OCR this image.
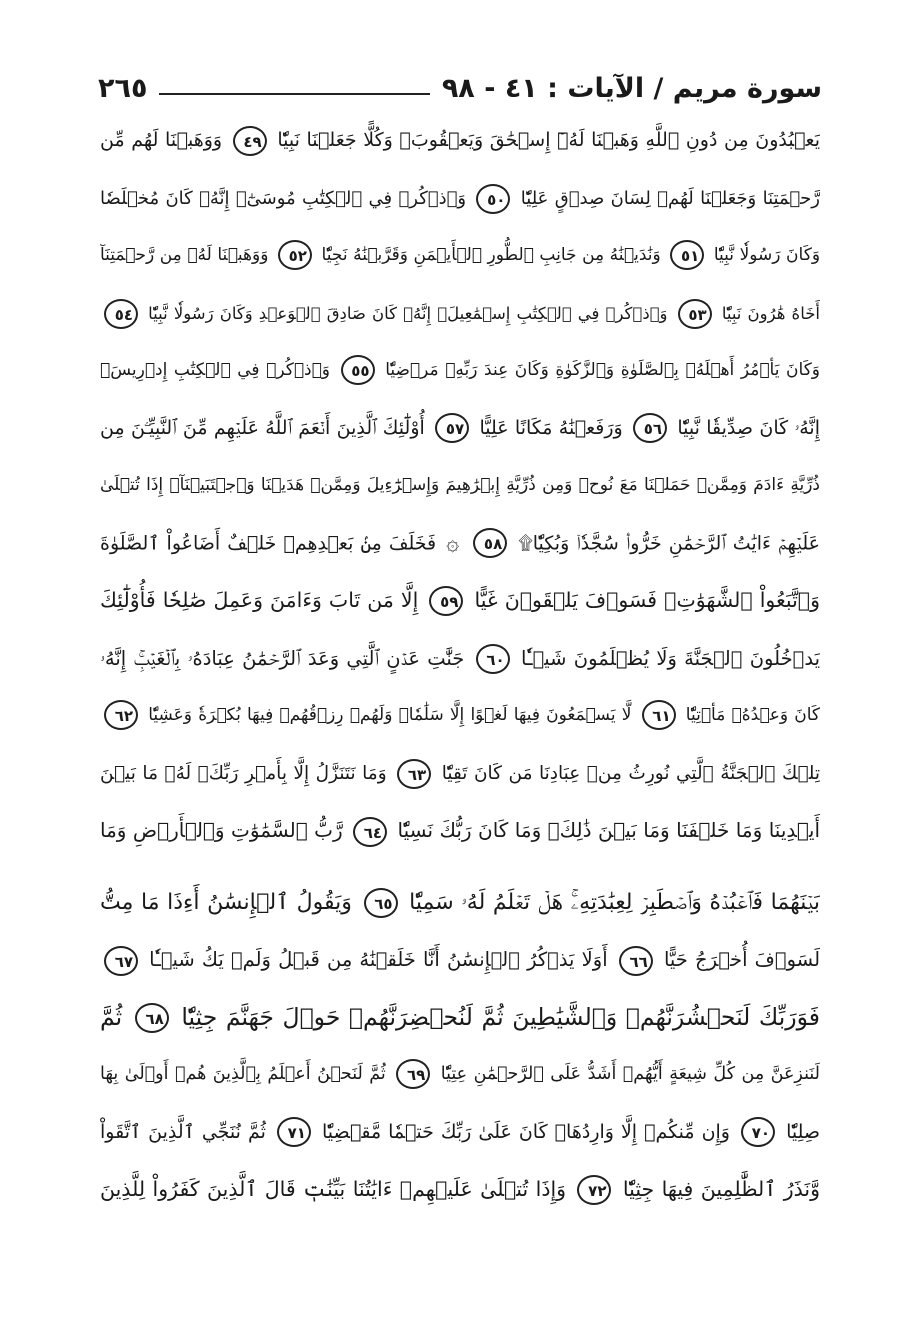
سورة مريم / الآيات : ٤١ - ٩٨
٢٦٥
يَعۡبُدُونَ مِن دُونِ ٱللَّهِ وَهَبۡنَا لَهُۥٓ إِسۡحَٰقَ وَيَعۡقُوبَۖ وَكُلًّا جَعَلۡنَا نَبِيّٗا ٤٩ وَوَهَبۡنَا لَهُم مِّن
رَّحۡمَتِنَا وَجَعَلۡنَا لَهُمۡ لِسَانَ صِدۡقٍ عَلِيّٗا ٥٠ وَٱذۡكُرۡ فِي ٱلۡكِتَٰبِ مُوسَىٰٓۚ إِنَّهُۥ كَانَ مُخۡلَصٗا
وَكَانَ رَسُولٗا نَّبِيّٗا ٥١ وَنَٰدَيۡنَٰهُ مِن جَانِبِ ٱلطُّورِ ٱلۡأَيۡمَنِ وَقَرَّبۡنَٰهُ نَجِيّٗا ٥٢ وَوَهَبۡنَا لَهُۥ مِن رَّحۡمَتِنَآ
أَخَاهُ هَٰرُونَ نَبِيّٗا ٥٣ وَٱذۡكُرۡ فِي ٱلۡكِتَٰبِ إِسۡمَٰعِيلَۚ إِنَّهُۥ كَانَ صَادِقَ ٱلۡوَعۡدِ وَكَانَ رَسُولٗا نَّبِيّٗا ٥٤
وَكَانَ يَأۡمُرُ أَهۡلَهُۥ بِٱلصَّلَوٰةِ وَٱلزَّكَوٰةِ وَكَانَ عِندَ رَبِّهِۦ مَرۡضِيّٗا ٥٥ وَٱذۡكُرۡ فِي ٱلۡكِتَٰبِ إِدۡرِيسَۚ
إِنَّهُۥ كَانَ صِدِّيقٗا نَّبِيّٗا ٥٦ وَرَفَعۡنَٰهُ مَكَانًا عَلِيًّا ٥٧ أُوْلَٰٓئِكَ ٱلَّذِينَ أَنۡعَمَ ٱللَّهُ عَلَيۡهِم مِّنَ ٱلنَّبِيِّـۧنَ مِن
ذُرِّيَّةِ ءَادَمَ وَمِمَّنۡ حَمَلۡنَا مَعَ نُوحٖ وَمِن ذُرِّيَّةِ إِبۡرَٰهِيمَ وَإِسۡرَٰٓءِيلَ وَمِمَّنۡ هَدَيۡنَا وَٱجۡتَبَيۡنَآۚ إِذَا تُتۡلَىٰ
عَلَيۡهِمۡ ءَايَٰتُ ٱلرَّحۡمَٰنِ خَرُّواْۤ سُجَّدٗاۤ وَبُكِيّٗا۩ ٥٨ ۞ فَخَلَفَ مِنۢ بَعۡدِهِمۡ خَلۡفٌ أَضَاعُواْ ٱلصَّلَوٰةَ
وَٱتَّبَعُواْ ٱلشَّهَوَٰتِۖ فَسَوۡفَ يَلۡقَوۡنَ غَيًّا ٥٩ إِلَّا مَن تَابَ وَءَامَنَ وَعَمِلَ صَٰلِحٗا فَأُوْلَٰٓئِكَ
يَدۡخُلُونَ ٱلۡجَنَّةَ وَلَا يُظۡلَمُونَ شَيۡـٔٗا ٦٠ جَنَّٰتِ عَدۡنٍ ٱلَّتِي وَعَدَ ٱلرَّحۡمَٰنُ عِبَادَهُۥ بِٱلۡغَيۡبِۚ إِنَّهُۥ
كَانَ وَعۡدُهُۥ مَأۡتِيّٗا ٦١ لَّا يَسۡمَعُونَ فِيهَا لَغۡوًا إِلَّا سَلَٰمٗاۖ وَلَهُمۡ رِزۡقُهُمۡ فِيهَا بُكۡرَةٗ وَعَشِيّٗا ٦٢
تِلۡكَ ٱلۡجَنَّةُ ٱلَّتِي نُورِثُ مِنۡ عِبَادِنَا مَن كَانَ تَقِيّٗا ٦٣ وَمَا نَتَنَزَّلُ إِلَّا بِأَمۡرِ رَبِّكَۖ لَهُۥ مَا بَيۡنَ
أَيۡدِينَا وَمَا خَلۡفَنَا وَمَا بَيۡنَ ذَٰلِكَۚ وَمَا كَانَ رَبُّكَ نَسِيّٗا ٦٤ رَّبُّ ٱلسَّمَٰوَٰتِ وَٱلۡأَرۡضِ وَمَا
بَيۡنَهُمَا فَٱعۡبُدۡهُ وَٱصۡطَبِرۡ لِعِبَٰدَتِهِۦۚ هَلۡ تَعۡلَمُ لَهُۥ سَمِيّٗا ٦٥ وَيَقُولُ ٱلۡإِنسَٰنُ أَءِذَا مَا مِتُّ
لَسَوۡفَ أُخۡرَجُ حَيًّا ٦٦ أَوَلَا يَذۡكُرُ ٱلۡإِنسَٰنُ أَنَّا خَلَقۡنَٰهُ مِن قَبۡلُ وَلَمۡ يَكُ شَيۡـٔٗا ٦٧
فَوَرَبِّكَ لَنَحۡشُرَنَّهُمۡ وَٱلشَّيَٰطِينَ ثُمَّ لَنُحۡضِرَنَّهُمۡ حَوۡلَ جَهَنَّمَ جِثِيّٗا ٦٨ ثُمَّ
لَنَنزِعَنَّ مِن كُلِّ شِيعَةٍ أَيُّهُمۡ أَشَدُّ عَلَى ٱلرَّحۡمَٰنِ عِتِيّٗا ٦٩ ثُمَّ لَنَحۡنُ أَعۡلَمُ بِٱلَّذِينَ هُمۡ أَوۡلَىٰ بِهَا
صِلِيّٗا ٧٠ وَإِن مِّنكُمۡ إِلَّا وَارِدُهَاۚ كَانَ عَلَىٰ رَبِّكَ حَتۡمٗا مَّقۡضِيّٗا ٧١ ثُمَّ نُنَجِّي ٱلَّذِينَ ٱتَّقَواْ
وَّنَذَرُ ٱلظَّٰلِمِينَ فِيهَا جِثِيّٗا ٧٢ وَإِذَا تُتۡلَىٰ عَلَيۡهِمۡ ءَايَٰتُنَا بَيِّنَٰتٖ قَالَ ٱلَّذِينَ كَفَرُواْ لِلَّذِينَ
